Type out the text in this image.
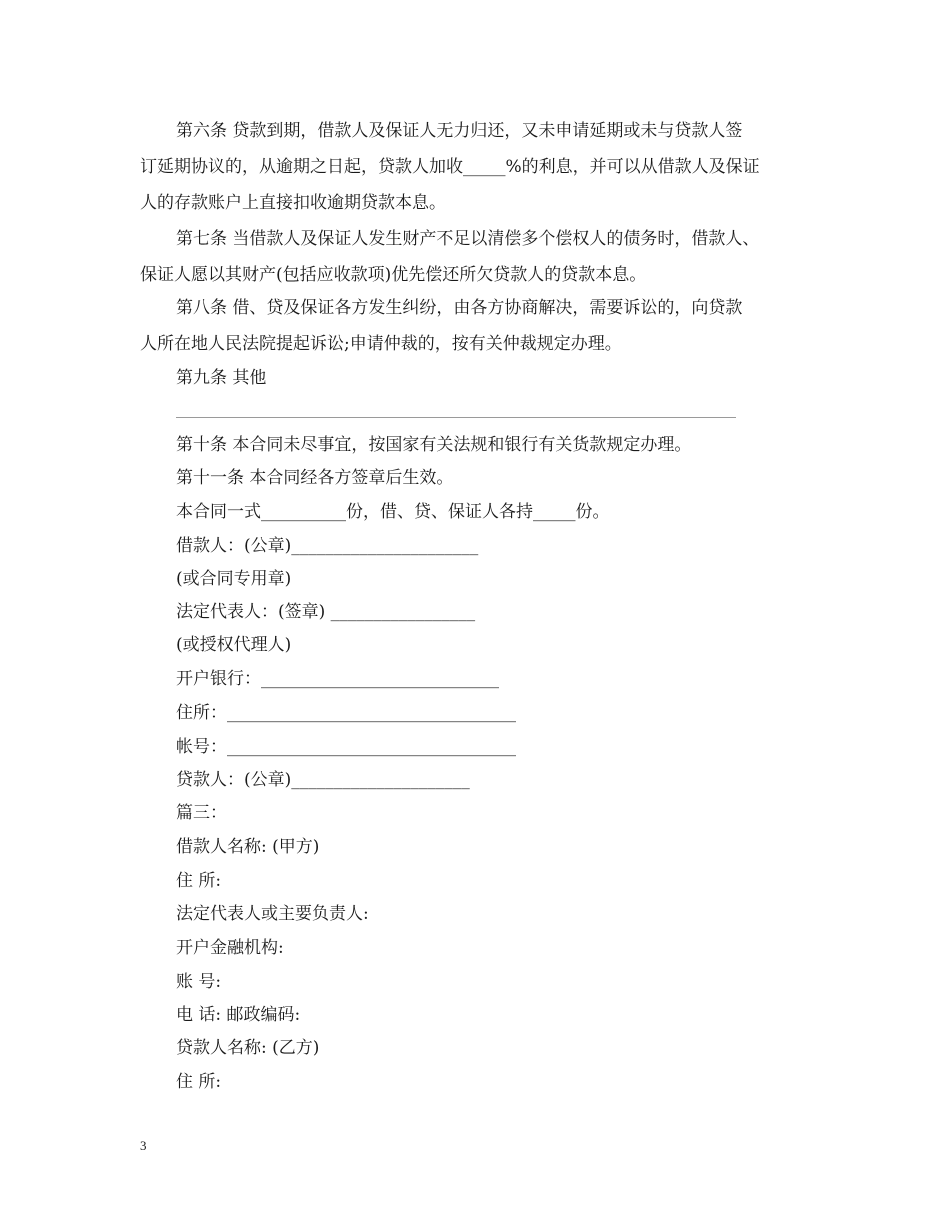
第六条 贷款到期，借款人及保证人无力归还，又未申请延期或未与贷款人签
订延期协议的，从逾期之日起，贷款人加收_____%的利息，并可以从借款人及保证
人的存款账户上直接扣收逾期贷款本息。
第七条 当借款人及保证人发生财产不足以清偿多个偿权人的债务时，借款人、
保证人愿以其财产(包括应收款项)优先偿还所欠贷款人的贷款本息。
第八条 借、贷及保证各方发生纠纷，由各方协商解决，需要诉讼的，向贷款
人所在地人民法院提起诉讼;申请仲裁的，按有关仲裁规定办理。
第九条 其他
第十条 本合同未尽事宜，按国家有关法规和银行有关货款规定办理。
第十一条 本合同经各方签章后生效。
本合同一式__________份，借、贷、保证人各持_____份。
借款人：(公章)______________________
(或合同专用章)
法定代表人：(签章) _________________
(或授权代理人)
开户银行：____________________________
住所：__________________________________
帐号：__________________________________
贷款人：(公章)_____________________
篇三：
借款人名称: (甲方)
住 所:
法定代表人或主要负责人:
开户金融机构:
账 号:
电 话: 邮政编码:
贷款人名称: (乙方)
住 所:
3
